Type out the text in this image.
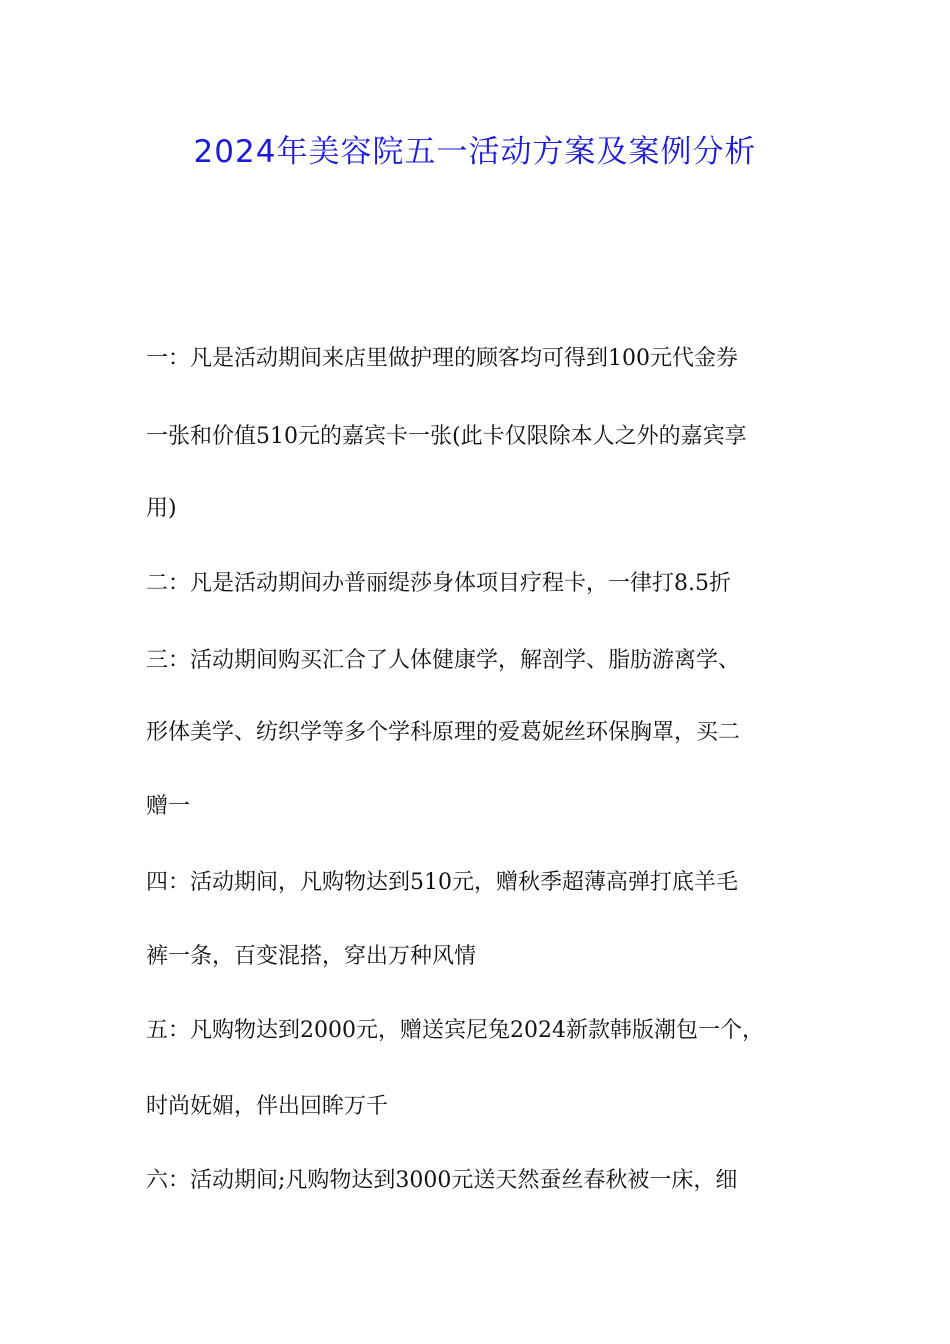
2024年美容院五一活动方案及案例分析
一：凡是活动期间来店里做护理的顾客均可得到100元代金券
一张和价值510元的嘉宾卡一张(此卡仅限除本人之外的嘉宾享
用)
二：凡是活动期间办普丽缇莎身体项目疗程卡，一律打8.5折
三：活动期间购买汇合了人体健康学，解剖学、脂肪游离学、
形体美学、纺织学等多个学科原理的爱葛妮丝环保胸罩，买二
赠一
四：活动期间，凡购物达到510元，赠秋季超薄高弹打底羊毛
裤一条，百变混搭，穿出万种风情
五：凡购物达到2000元，赠送宾尼兔2024新款韩版潮包一个，
时尚妩媚，伴出回眸万千
六：活动期间;凡购物达到3000元送天然蚕丝春秋被一床，细
